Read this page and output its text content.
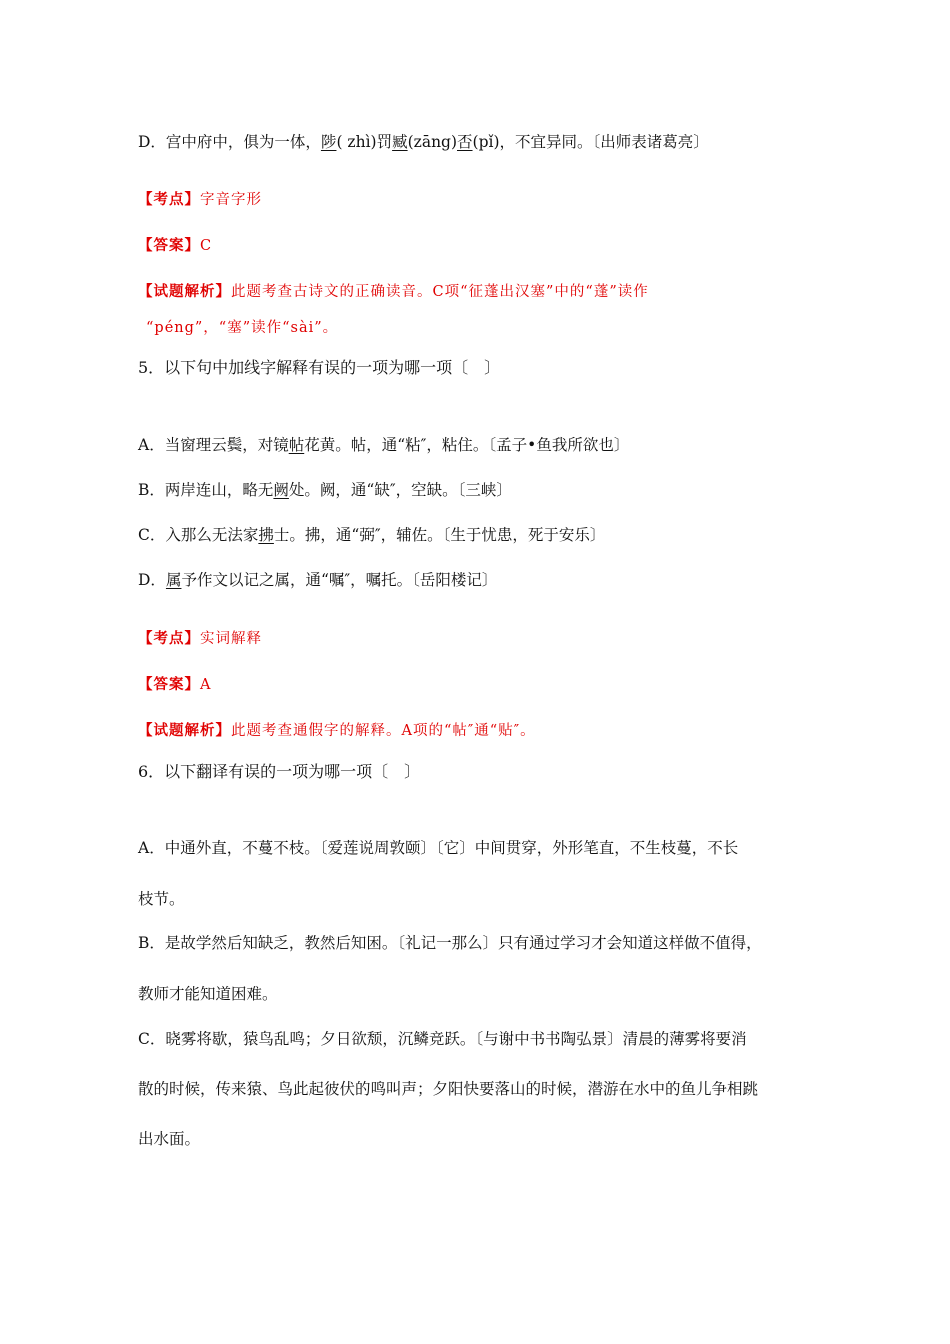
D．宫中府中，俱为一体，陟( zhì)罚臧(zāng)否(pǐ)，不宜异同。〔出师表诸葛亮〕
【考点】字音字形
【答案】C
【试题解析】此题考查古诗文的正确读音。C项“征蓬出汉塞”中的“蓬”读作
“péng”，“塞”读作“sài”。
5．以下句中加线字解释有误的一项为哪一项〔　〕
A．当窗理云鬓，对镜帖花黄。帖，通“粘″，粘住。〔孟子•鱼我所欲也〕
B．两岸连山，略无阙处。阙，通“缺″，空缺。〔三峡〕
C．入那么无法家拂士。拂，通“弼″，辅佐。〔生于忧患，死于安乐〕
D．属予作文以记之属，通“嘱″，嘱托。〔岳阳楼记〕
【考点】实词解释
【答案】A
【试题解析】此题考查通假字的解释。A项的“帖″通“贴″。
6．以下翻译有误的一项为哪一项〔　〕
A．中通外直，不蔓不枝。〔爱莲说周敦颐〕〔它〕中间贯穿，外形笔直，不生枝蔓，不长
枝节。
B．是故学然后知缺乏，教然后知困。〔礼记一那么〕只有通过学习才会知道这样做不值得，
教师才能知道困难。
C．晓雾将歇，猿鸟乱鸣；夕日欲颓，沉鳞竞跃。〔与谢中书书陶弘景〕清晨的薄雾将要消
散的时候，传来猿、鸟此起彼伏的鸣叫声；夕阳快要落山的时候，潜游在水中的鱼儿争相跳
出水面。
